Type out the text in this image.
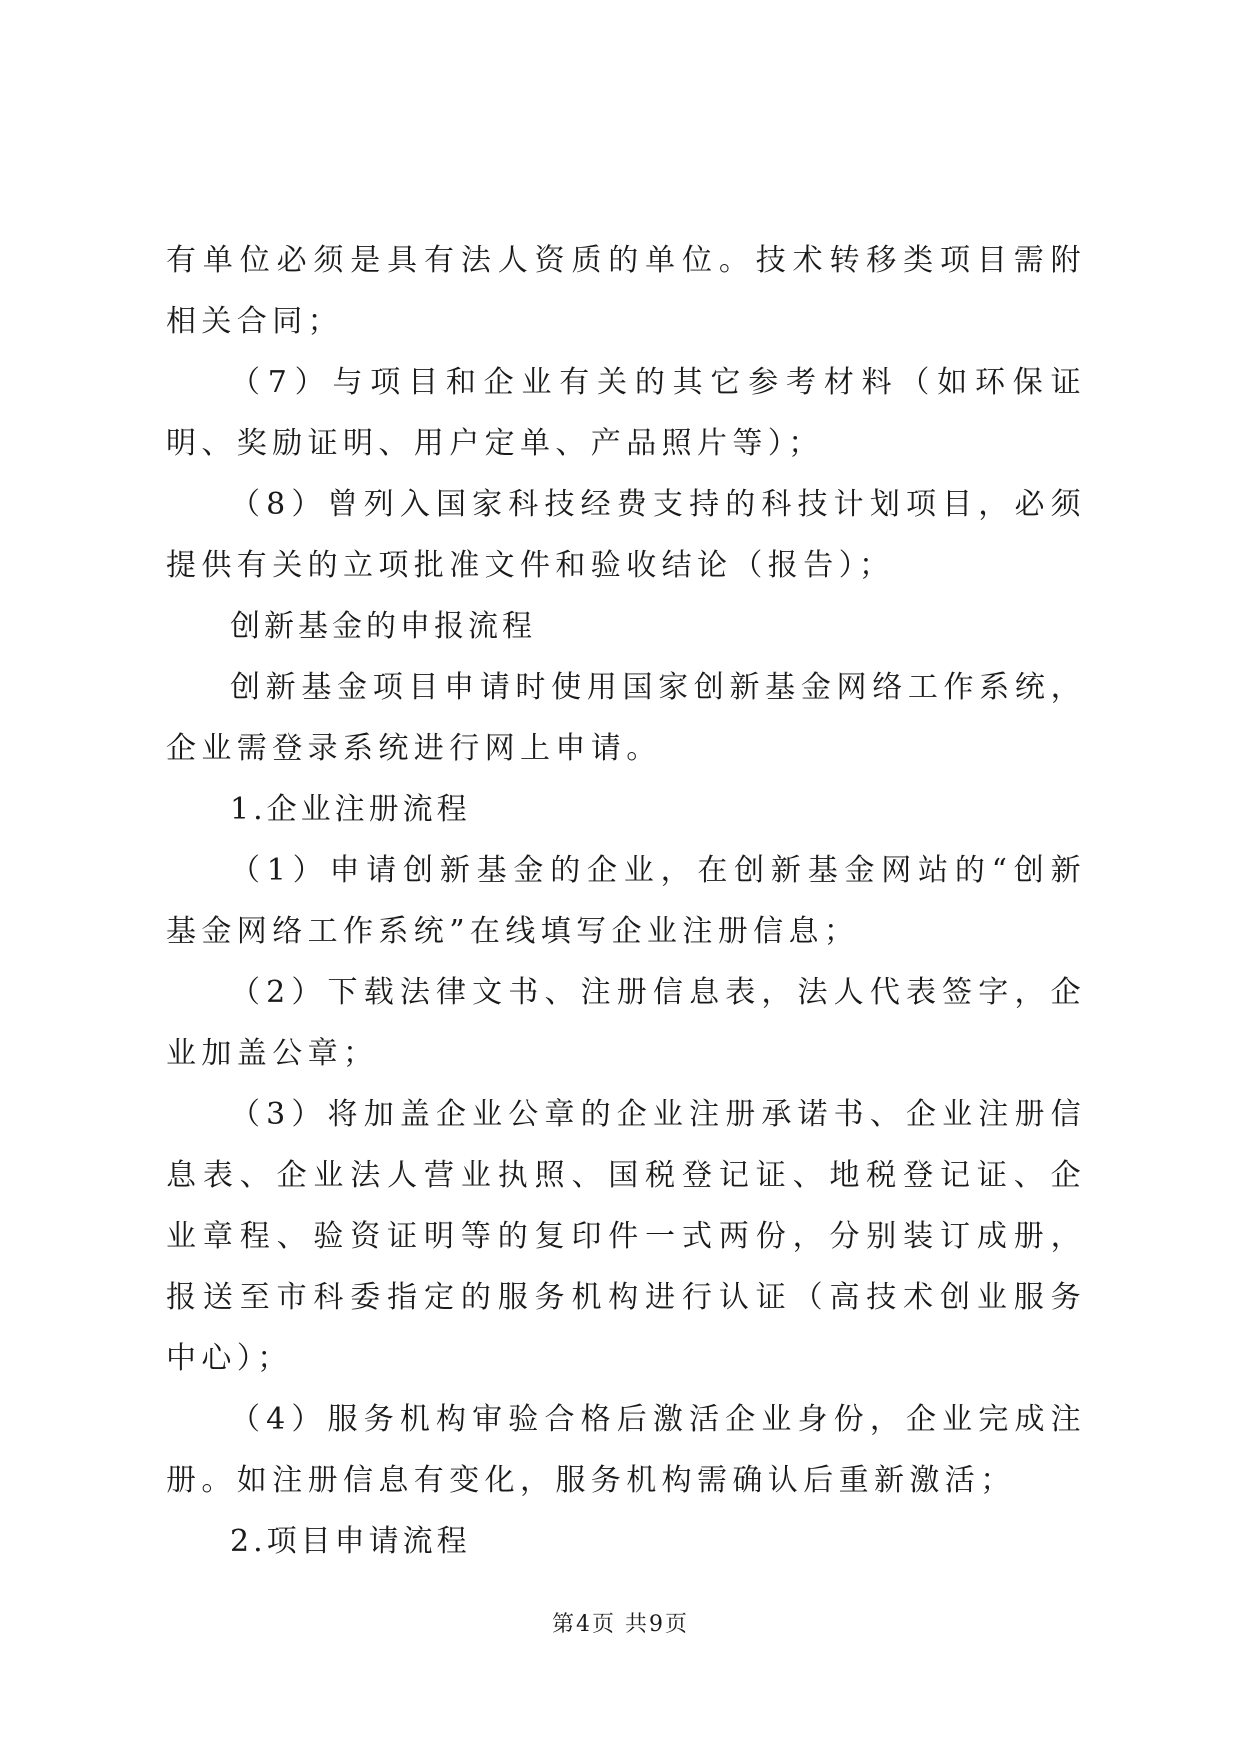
有单位必须是具有法人资质的单位。技术转移类项目需附相关合同；

（7）与项目和企业有关的其它参考材料（如环保证明、奖励证明、用户定单、产品照片等）；

（8）曾列入国家科技经费支持的科技计划项目，必须提供有关的立项批准文件和验收结论（报告）；

创新基金的申报流程

创新基金项目申请时使用国家创新基金网络工作系统，企业需登录系统进行网上申请。

1.企业注册流程

（1）申请创新基金的企业，在创新基金网站的“创新基金网络工作系统”在线填写企业注册信息；

（2）下载法律文书、注册信息表，法人代表签字，企业加盖公章；

（3）将加盖企业公章的企业注册承诺书、企业注册信息表、企业法人营业执照、国税登记证、地税登记证、企业章程、验资证明等的复印件一式两份，分别装订成册，报送至市科委指定的服务机构进行认证（高技术创业服务中心）；

（4）服务机构审验合格后激活企业身份，企业完成注册。如注册信息有变化，服务机构需确认后重新激活；

2.项目申请流程

第4页 共9页
